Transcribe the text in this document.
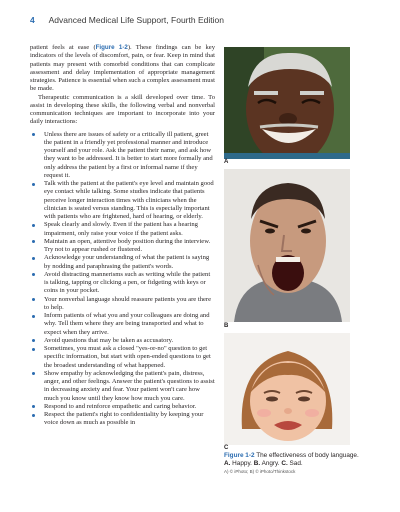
4 Advanced Medical Life Support, Fourth Edition

patient feels at ease (Figure 1-2). These findings can be key indicators of the levels of discomfort, pain, or fear. Keep in mind that patients may present with comorbid conditions that can complicate assessment and delay implementation of appropriate management strategies. Patience is essential when such a complex assessment must be made.

Therapeutic communication is a skill developed over time. To assist in developing these skills, the following verbal and nonverbal communication techniques are important to incorporate into your daily interactions:

Unless there are issues of safety or a critically ill patient, greet the patient in a friendly yet professional manner and introduce yourself and your role. Ask the patient their name, and ask how they want to be addressed. It is better to start more formally and only address the patient by a first or informal name if they request it.
Talk with the patient at the patient's eye level and maintain good eye contact while talking. Some studies indicate that patients perceive longer interaction times with clinicians when the clinician is seated versus standing. This is especially important with patients who are frightened, hard of hearing, or elderly.
Speak clearly and slowly. Even if the patient has a hearing impairment, only raise your voice if the patient asks.
Maintain an open, attentive body position during the interview. Try not to appear rushed or flustered.
Acknowledge your understanding of what the patient is saying by nodding and paraphrasing the patient's words.
Avoid distracting mannerisms such as writing while the patient is talking, tapping or clicking a pen, or fidgeting with keys or coins in your pocket.
Your nonverbal language should reassure patients you are there to help.
Inform patients of what you and your colleagues are doing and why. Tell them where they are being transported and what to expect when they arrive.
Avoid questions that may be taken as accusatory.
Sometimes, you must ask a closed "yes-or-no" question to get specific information, but start with open-ended questions to get the broadest understanding of what happened.
Show empathy by acknowledging the patient's pain, distress, anger, and other feelings. Answer the patient's questions to assist in decreasing anxiety and fear. Your patient won't care how much you know until they know how much you care.
Respond to and reinforce empathetic and caring behavior.
Respect the patient's right to confidentiality by keeping your voice down as much as possible in
A
B
C
Figure 1-2 The effectiveness of body language. A. Happy. B. Angry. C. Sad.
A) © iPhoto; B) © iPhoto/Thinkstock
